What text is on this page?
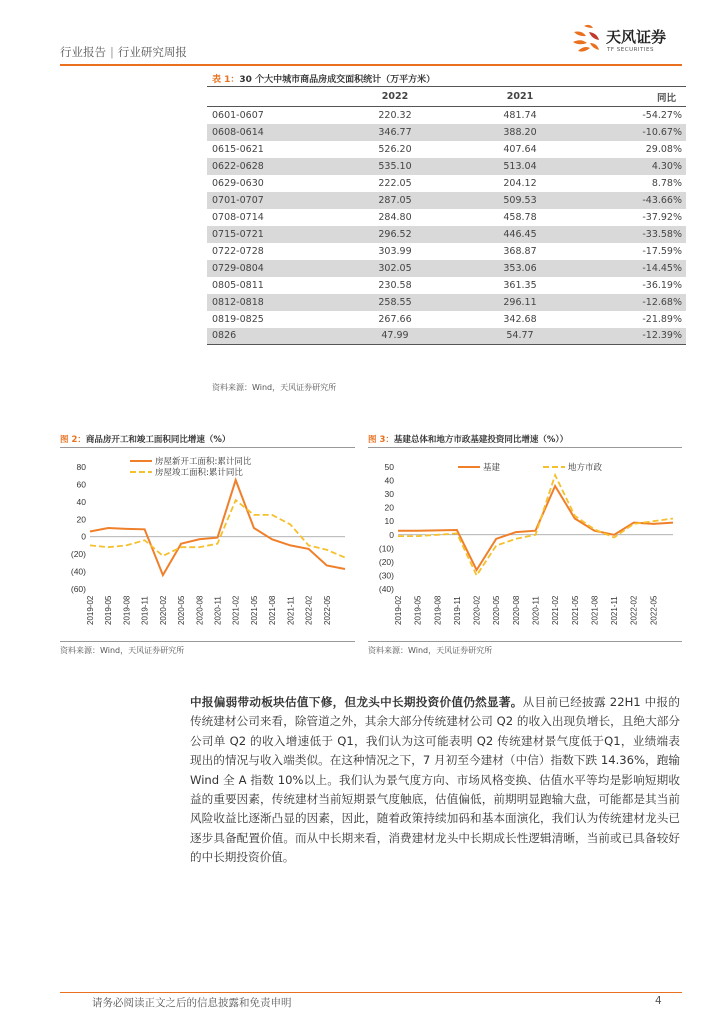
行业报告 | 行业研究周报
天风证券
TF SECURITIES
表 1：30 个大中城市商品房成交面积统计（万平方米）
	2022	2021	同比
0601-0607	220.32	481.74	-54.27%
0608-0614	346.77	388.20	-10.67%
0615-0621	526.20	407.64	29.08%
0622-0628	535.10	513.04	4.30%
0629-0630	222.05	204.12	8.78%
0701-0707	287.05	509.53	-43.66%
0708-0714	284.80	458.78	-37.92%
0715-0721	296.52	446.45	-33.58%
0722-0728	303.99	368.87	-17.59%
0729-0804	302.05	353.06	-14.45%
0805-0811	230.58	361.35	-36.19%
0812-0818	258.55	296.11	-12.68%
0819-0825	267.66	342.68	-21.89%
0826	47.99	54.77	-12.39%
资料来源：Wind，天风证券研究所
图 2：商品房开工和竣工面积同比增速（%）
80
60
40
20
0
(20)
(40)
(60)
2019-02 2019-05 2019-08 2019-11 2020-02 2020-05 2020-08 2020-11 2021-02 2021-05 2021-08 2021-11 2022-02 2022-05
房屋新开工面积:累计同比
房屋竣工面积:累计同比
资料来源：Wind，天风证券研究所
图 3：基建总体和地方市政基建投资同比增速（%））
50
40
30
20
10
0
(10)
(20)
(30)
(40)
2019-02 2019-05 2019-08 2019-11 2020-02 2020-05 2020-08 2020-11 2021-02 2021-05 2021-08 2021-11 2022-02 2022-05
基建	地方市政
资料来源：Wind，天风证券研究所
中报偏弱带动板块估值下修，但龙头中长期投资价值仍然显著。从目前已经披露 22H1 中报的传统建材公司来看，除管道之外，其余大部分传统建材公司 Q2 的收入出现负增长，且绝大部分公司单 Q2 的收入增速低于 Q1，我们认为这可能表明 Q2 传统建材景气度低于Q1，业绩端表现出的情况与收入端类似。在这种情况之下，7 月初至今建材（中信）指数下跌 14.36%，跑输 Wind 全 A 指数 10%以上。我们认为景气度方向、市场风格变换、估值水平等均是影响短期收益的重要因素，传统建材当前短期景气度触底，估值偏低，前期明显跑输大盘，可能都是其当前风险收益比逐渐凸显的因素，因此，随着政策持续加码和基本面演化，我们认为传统建材龙头已逐步具备配置价值。而从中长期来看，消费建材龙头中长期成长性逻辑清晰，当前或已具备较好的中长期投资价值。
请务必阅读正文之后的信息披露和免责申明	4
